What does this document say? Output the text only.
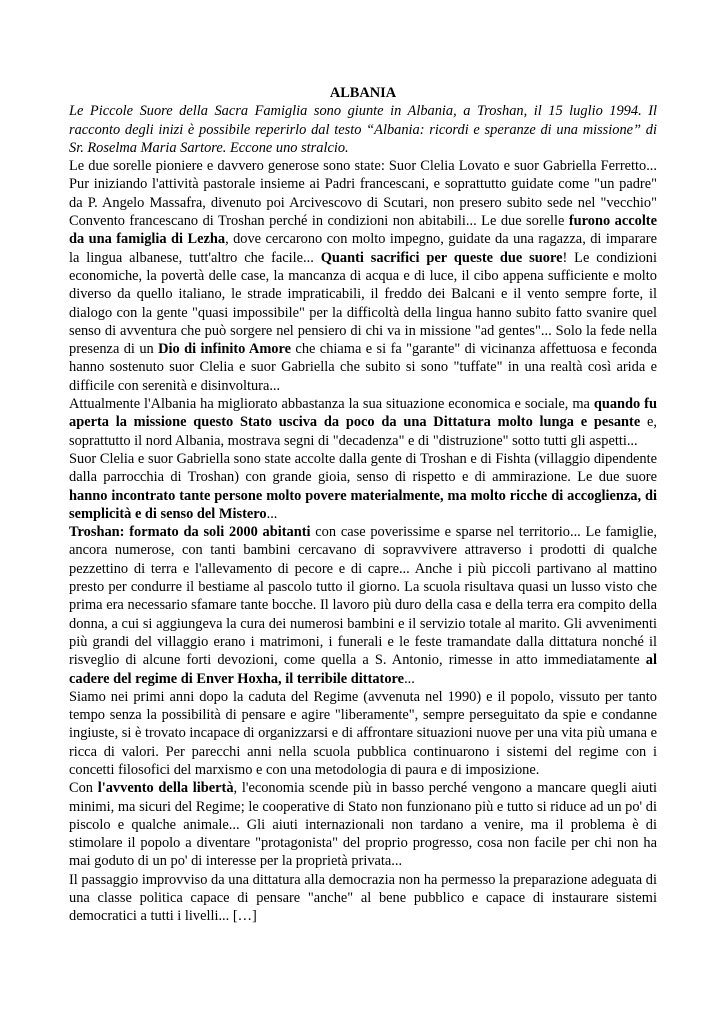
ALBANIA

Le Piccole Suore della Sacra Famiglia sono giunte in Albania, a Troshan, il 15 luglio 1994. Il racconto degli inizi è possibile reperirlo dal testo “Albania: ricordi e speranze di una missione” di Sr. Roselma Maria Sartore. Eccone uno stralcio.

Le due sorelle pioniere e davvero generose sono state: Suor Clelia Lovato e suor Gabriella Ferretto... Pur iniziando l'attività pastorale insieme ai Padri francescani, e soprattutto guidate come "un padre" da P. Angelo Massafra, divenuto poi Arcivescovo di Scutari, non presero subito sede nel "vecchio" Convento francescano di Troshan perché in condizioni non abitabili... Le due sorelle furono accolte da una famiglia di Lezha, dove cercarono con molto impegno, guidate da una ragazza, di imparare la lingua albanese, tutt'altro che facile... Quanti sacrifici per queste due suore! Le condizioni economiche, la povertà delle case, la mancanza di acqua e di luce, il cibo appena sufficiente e molto diverso da quello italiano, le strade impraticabili, il freddo dei Balcani e il vento sempre forte, il dialogo con la gente "quasi impossibile" per la difficoltà della lingua hanno subito fatto svanire quel senso di avventura che può sorgere nel pensiero di chi va in missione "ad gentes"... Solo la fede nella presenza di un Dio di infinito Amore che chiama e si fa "garante" di vicinanza affettuosa e feconda hanno sostenuto suor Clelia e suor Gabriella che subito si sono "tuffate" in una realtà così arida e difficile con serenità e disinvoltura...

Attualmente l'Albania ha migliorato abbastanza la sua situazione economica e sociale, ma quando fu aperta la missione questo Stato usciva da poco da una Dittatura molto lunga e pesante e, soprattutto il nord Albania, mostrava segni di "decadenza" e di "distruzione" sotto tutti gli aspetti...

Suor Clelia e suor Gabriella sono state accolte dalla gente di Troshan e di Fishta (villaggio dipendente dalla parrocchia di Troshan) con grande gioia, senso di rispetto e di ammirazione. Le due suore hanno incontrato tante persone molto povere materialmente, ma molto ricche di accoglienza, di semplicità e di senso del Mistero...

Troshan: formato da soli 2000 abitanti con case poverissime e sparse nel territorio... Le famiglie, ancora numerose, con tanti bambini cercavano di sopravvivere attraverso i prodotti di qualche pezzettino di terra e l'allevamento di pecore e di capre... Anche i più piccoli partivano al mattino presto per condurre il bestiame al pascolo tutto il giorno. La scuola risultava quasi un lusso visto che prima era necessario sfamare tante bocche. Il lavoro più duro della casa e della terra era compito della donna, a cui si aggiungeva la cura dei numerosi bambini e il servizio totale al marito. Gli avvenimenti più grandi del villaggio erano i matrimoni, i funerali e le feste tramandate dalla dittatura nonché il risveglio di alcune forti devozioni, come quella a S. Antonio, rimesse in atto immediatamente al cadere del regime di Enver Hoxha, il terribile dittatore...

Siamo nei primi anni dopo la caduta del Regime (avvenuta nel 1990) e il popolo, vissuto per tanto tempo senza la possibilità di pensare e agire "liberamente", sempre perseguitato da spie e condanne ingiuste, si è trovato incapace di organizzarsi e di affrontare situazioni nuove per una vita più umana e ricca di valori. Per parecchi anni nella scuola pubblica continuarono i sistemi del regime con i concetti filosofici del marxismo e con una metodologia di paura e di imposizione.

Con l'avvento della libertà, l'economia scende più in basso perché vengono a mancare quegli aiuti minimi, ma sicuri del Regime; le cooperative di Stato non funzionano più e tutto si riduce ad un po' di piscolo e qualche animale... Gli aiuti internazionali non tardano a venire, ma il problema è di stimolare il popolo a diventare "protagonista" del proprio progresso, cosa non facile per chi non ha mai goduto di un po' di interesse per la proprietà privata...

Il passaggio improvviso da una dittatura alla democrazia non ha permesso la preparazione adeguata di una classe politica capace di pensare "anche" al bene pubblico e capace di instaurare sistemi democratici a tutti i livelli... […]
